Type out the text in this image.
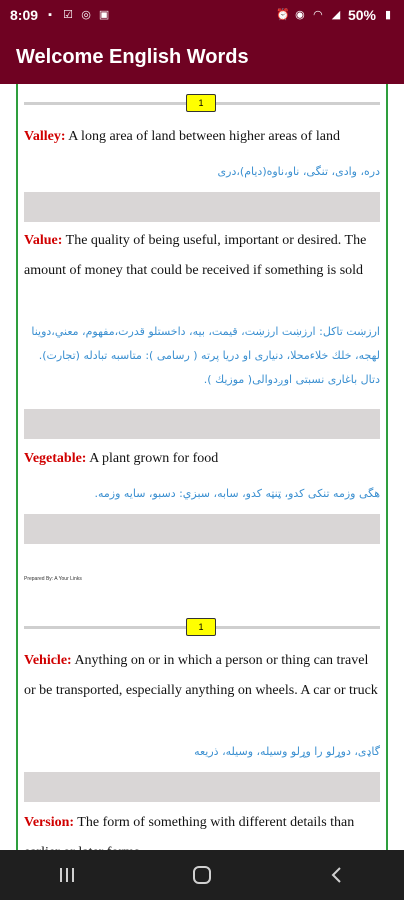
8:09 ▪	☑ ◎ ▣	⏰ ◉ ◠ ◢ 50% ▮
Welcome English Words
1
Valley: A long area of land between higher areas of land
دره، وادی، تنگی، ناو،ناوه(دیام)،دری
Value: The quality of being useful, important or desired. The amount of money that could be received if something is sold
ارزښت تاکل: ارزښت ارزښت، قیمت، بیه، داخستلو قدرت،مفهوم، معني،دوینا لهجه، خلك خلاءمحلا، دنیاری او دریا پرته ( رسامی ): متاسبه تبادله (تجارت). دتال باغاری نسبتی اوږدوالی( موزیك ).
Vegetable: A plant grown for food
هگی وزمه تنکی کدو، ټنټه کدو، سابه، سبزي: دسبو، سایه وزمه.
Prepared By: A Your Links
1
Vehicle: Anything on or in which a person or thing can travel or be transported, especially anything on wheels. A car or truck
گاډی، دوړلو را وړلو وسیله، وسیله، ذریعه
Version: The form of something with different details than
